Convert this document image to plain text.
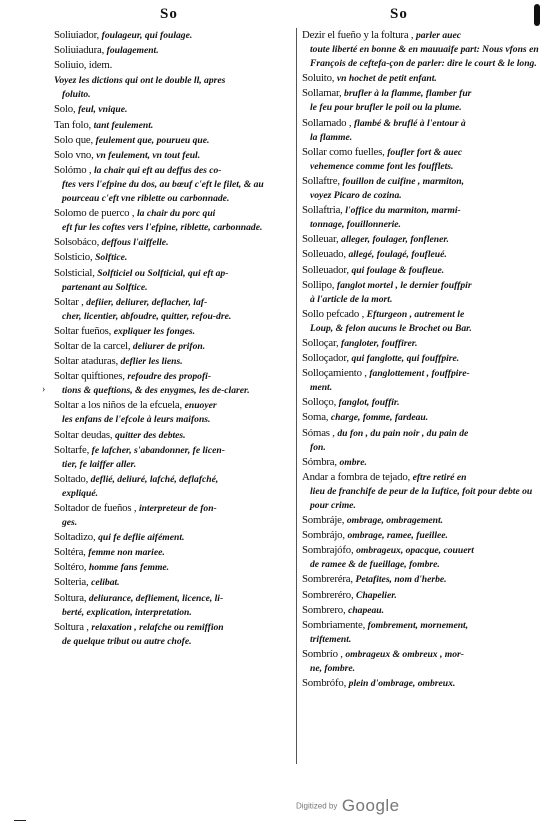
So	So

Soliuiador, foulageur, qui foulage.

Soliuiadura, foulagement.

Soliuio, idem.

Voyez les dictions qui ont le double ll, apres
foluito.

Solo, feul, vnique.

Tan folo, tant feulement.

Solo que, feulement que, pourueu que.

Solo vno, vn feulement, vn tout feul.

Solómo , la chair qui eft au deffus des co-
ftes vers l'efpine du dos, au bœuf c'eft le filet, & au pourceau c'eft vne riblette ou carbonnade.

Solomo de puerco , la chair du porc qui
eft fur les coftes vers l'efpine, riblette, carbonnade.

Solsobáco, deffous l'aiffelle.

Solsticio, Solftice.

Solsticial, Solfticiel ou Solfticial, qui eft ap-
partenant au Solftice.

Soltar , defiier, deliurer, deflacher, laf-
cher, licentier, abfoudre, quitter, refou-dre.

Soltar fueños, expliquer les fonges.

Soltar de la carcel, deliurer de prifon.

Soltar ataduras, deflier les liens.

Soltar quiftiones, refoudre des propofi-
tions & queftions, & des enygmes, les de-clarer.

Soltar a los niños de la efcuela, enuoyer
les enfans de l'efcole à leurs maifons.

Soltar deudas, quitter des debtes.

Soltarfe, fe lafcher, s'abandonner, fe licen-
tier, fe laiffer aller.

Soltado, deflié, deliuré, lafché, deflafché,
expliqué.

Soltador de fueños , interpreteur de fon-
ges.

Soltadizo, qui fe deflie aifément.

Soltéra, femme non mariee.

Soltéro, homme fans femme.

Solteria, celibat.

Soltura, deliurance, defliement, licence, li-
berté, explication, interpretation.

Soltura , relaxation , relafche ou remiffion
de quelque tribut ou autre chofe.

Dezir el fueño y la foltura , parler auec
toute liberté en bonne & en mauuaife part: Nous vfons en François de ceftefa-çon de parler: dire le court & le long.

Soluito, vn hochet de petit enfant.

Sollamar, brufler à la flamme, flamber fur
le feu pour brufler le poil ou la plume.

Sollamado , flambé & bruflé à l'entour à
la flamme.

Sollar como fuelles, foufler fort & auec
vehemence comme font les foufflets.

Sollaftre, fouillon de cuifine , marmiton,
voyez Picaro de cozina.

Sollaftria, l'office du marmiton, marmi-
tonnage, fouillonnerie.

Solleuar, alleger, foulager, fonflener.

Solleuado, allegé, foulagé, foufleué.

Solleuador, qui foulage & foufleue.

Sollipo, fanglot mortel , le dernier fouffpir
à l'article de la mort.

Sollo pefcado , Efturgeon , autrement le
Loup, & felon aucuns le Brochet ou Bar.

Solloçar, fangloter, fouffirer.

Solloçador, qui fanglotte, qui fouffpire.

Solloçamiento , fanglottement , fouffpire-
ment.

Solloço, fanglot, fouffir.

Soma, charge, fomme, fardeau.

Sómas , du fon , du pain noir , du pain de
fon.

Sómbra, ombre.

Andar a fombra de tejado, eftre retiré en
lieu de franchife de peur de la Iuftice, foit pour debte ou pour crime.

Sombráje, ombrage, ombragement.

Sombrájo, ombrage, ramee, fueillee.

Sombrajófo, ombrageux, opacque, couuert
de ramee & de fueillage, fombre.

Sombreréra, Petafites, nom d'herbe.

Sombreréro, Chapelier.

Sombrero, chapeau.

Sombriamente, fombrement, mornement,
triftement.

Sombrío , ombrageux & ombreux , mor-
ne, fombre.

Sombrófo, plein d'ombrage, ombreux.

›
Digitized by Google
